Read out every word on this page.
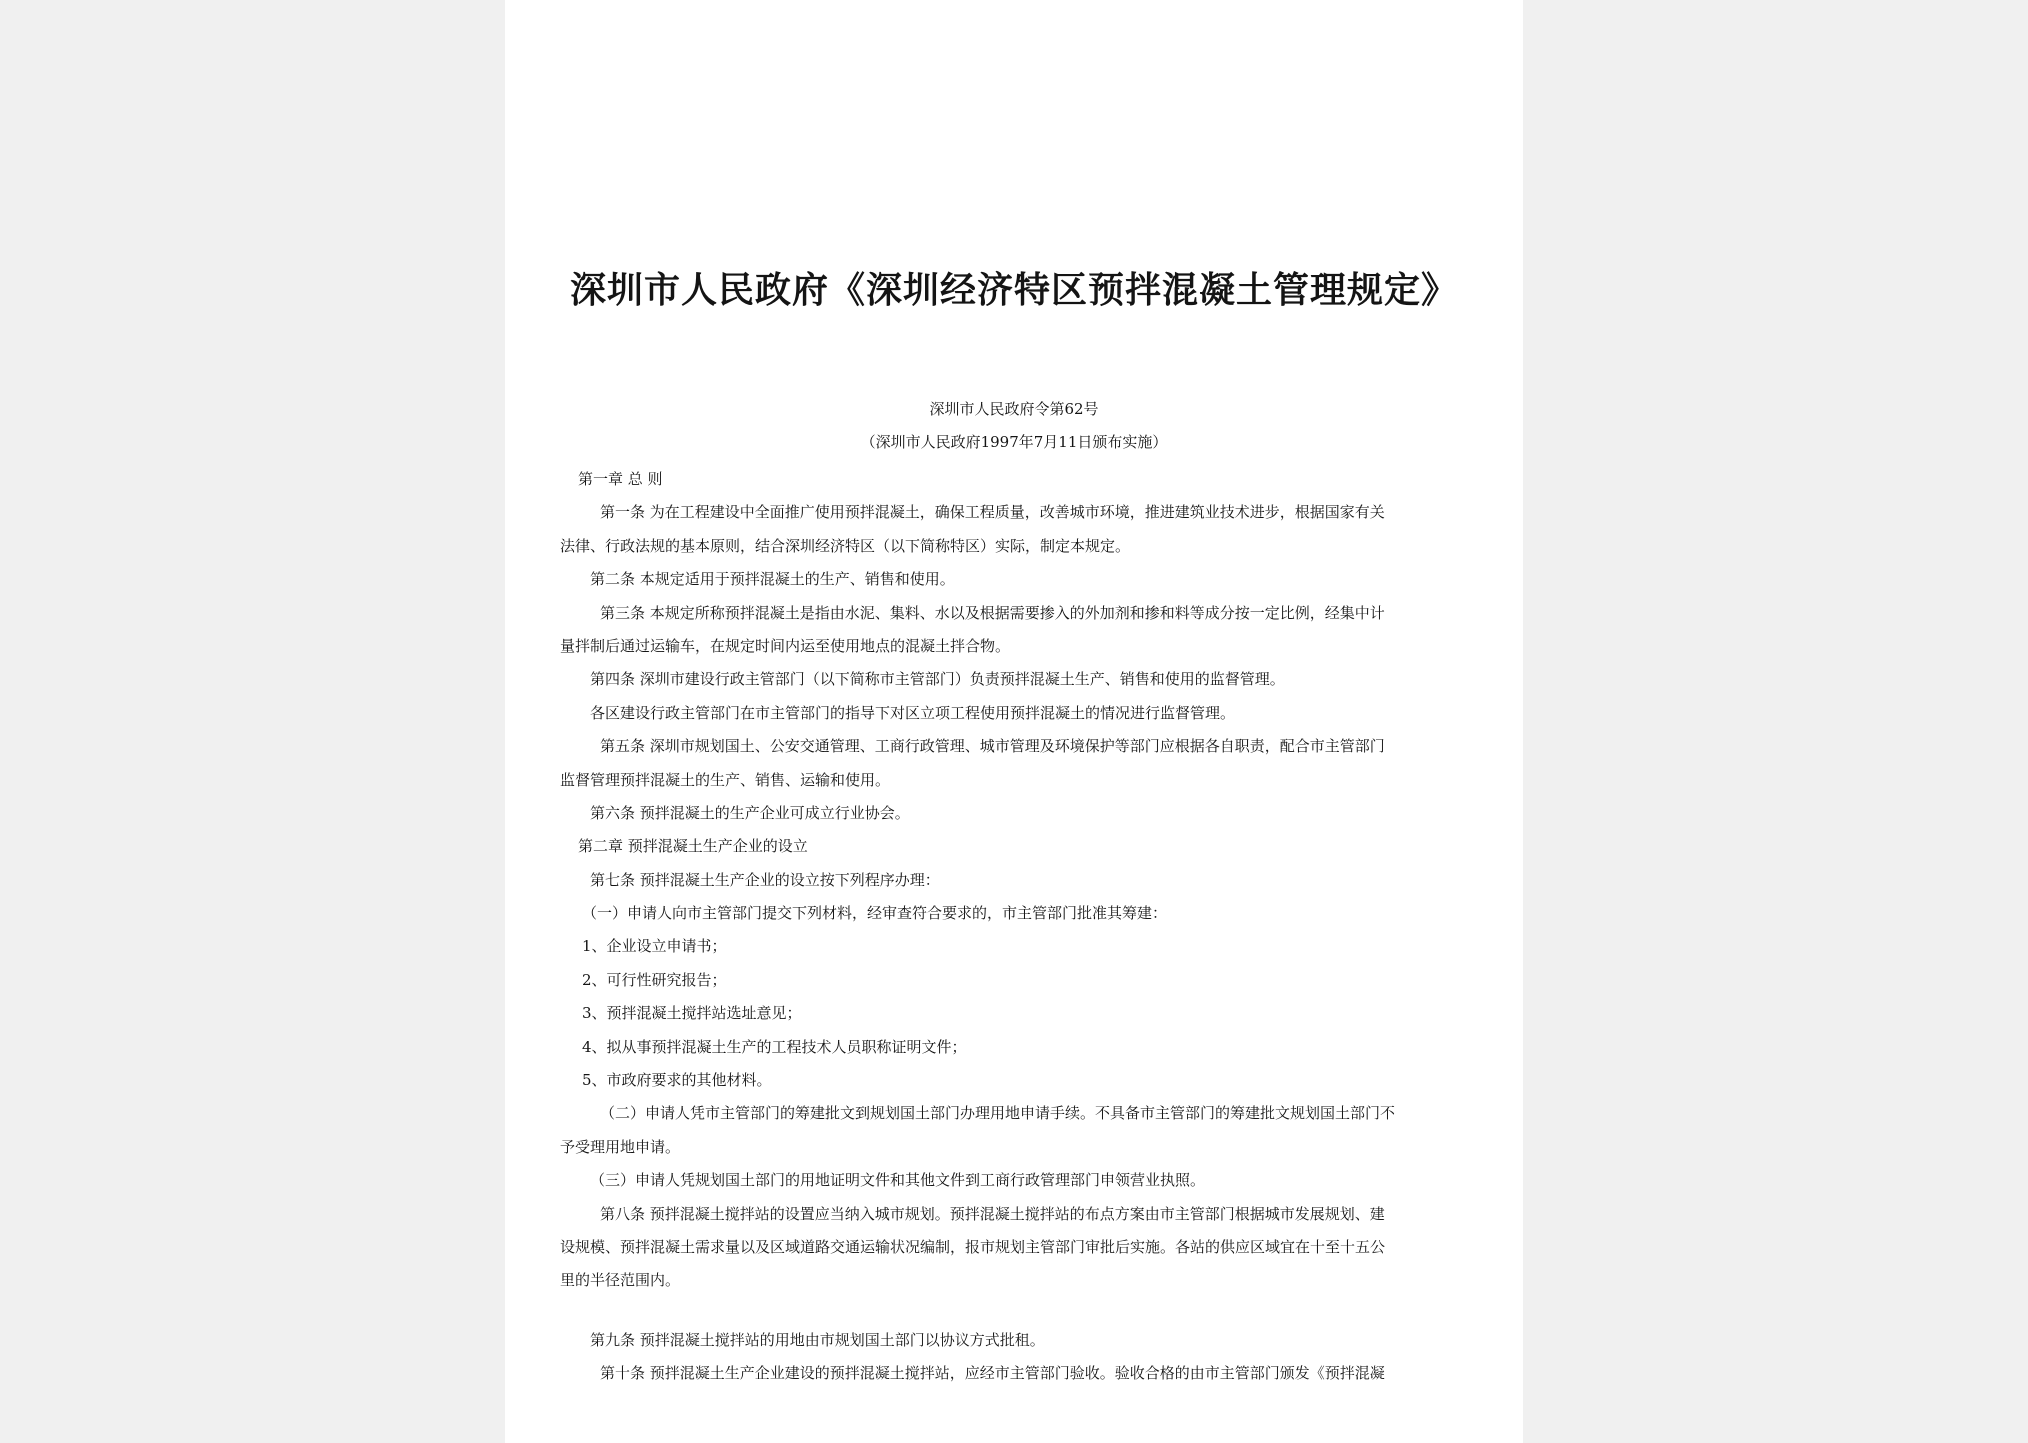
深圳市人民政府《深圳经济特区预拌混凝土管理规定》
深圳市人民政府令第62号
（深圳市人民政府1997年7月11日颁布实施）
第一章 总 则
第一条 为在工程建设中全面推广使用预拌混凝土，确保工程质量，改善城市环境，推进建筑业技术进步，根据国家有关
法律、行政法规的基本原则，结合深圳经济特区（以下简称特区）实际，制定本规定。
第二条 本规定适用于预拌混凝土的生产、销售和使用。
第三条 本规定所称预拌混凝土是指由水泥、集料、水以及根据需要掺入的外加剂和掺和料等成分按一定比例，经集中计
量拌制后通过运输车，在规定时间内运至使用地点的混凝土拌合物。
第四条 深圳市建设行政主管部门（以下简称市主管部门）负责预拌混凝土生产、销售和使用的监督管理。
各区建设行政主管部门在市主管部门的指导下对区立项工程使用预拌混凝土的情况进行监督管理。
第五条 深圳市规划国土、公安交通管理、工商行政管理、城市管理及环境保护等部门应根据各自职责，配合市主管部门
监督管理预拌混凝土的生产、销售、运输和使用。
第六条 预拌混凝土的生产企业可成立行业协会。
第二章 预拌混凝土生产企业的设立
第七条 预拌混凝土生产企业的设立按下列程序办理：
（一）申请人向市主管部门提交下列材料，经审查符合要求的，市主管部门批准其筹建：
1、企业设立申请书；
2、可行性研究报告；
3、预拌混凝土搅拌站选址意见；
4、拟从事预拌混凝土生产的工程技术人员职称证明文件；
5、市政府要求的其他材料。
（二）申请人凭市主管部门的筹建批文到规划国土部门办理用地申请手续。不具备市主管部门的筹建批文规划国土部门不
予受理用地申请。
（三）申请人凭规划国土部门的用地证明文件和其他文件到工商行政管理部门申领营业执照。
第八条 预拌混凝土搅拌站的设置应当纳入城市规划。预拌混凝土搅拌站的布点方案由市主管部门根据城市发展规划、建
设规模、预拌混凝土需求量以及区域道路交通运输状况编制，报市规划主管部门审批后实施。各站的供应区域宜在十至十五公
里的半径范围内。
第九条 预拌混凝土搅拌站的用地由市规划国土部门以协议方式批租。
第十条 预拌混凝土生产企业建设的预拌混凝土搅拌站，应经市主管部门验收。验收合格的由市主管部门颁发《预拌混凝
